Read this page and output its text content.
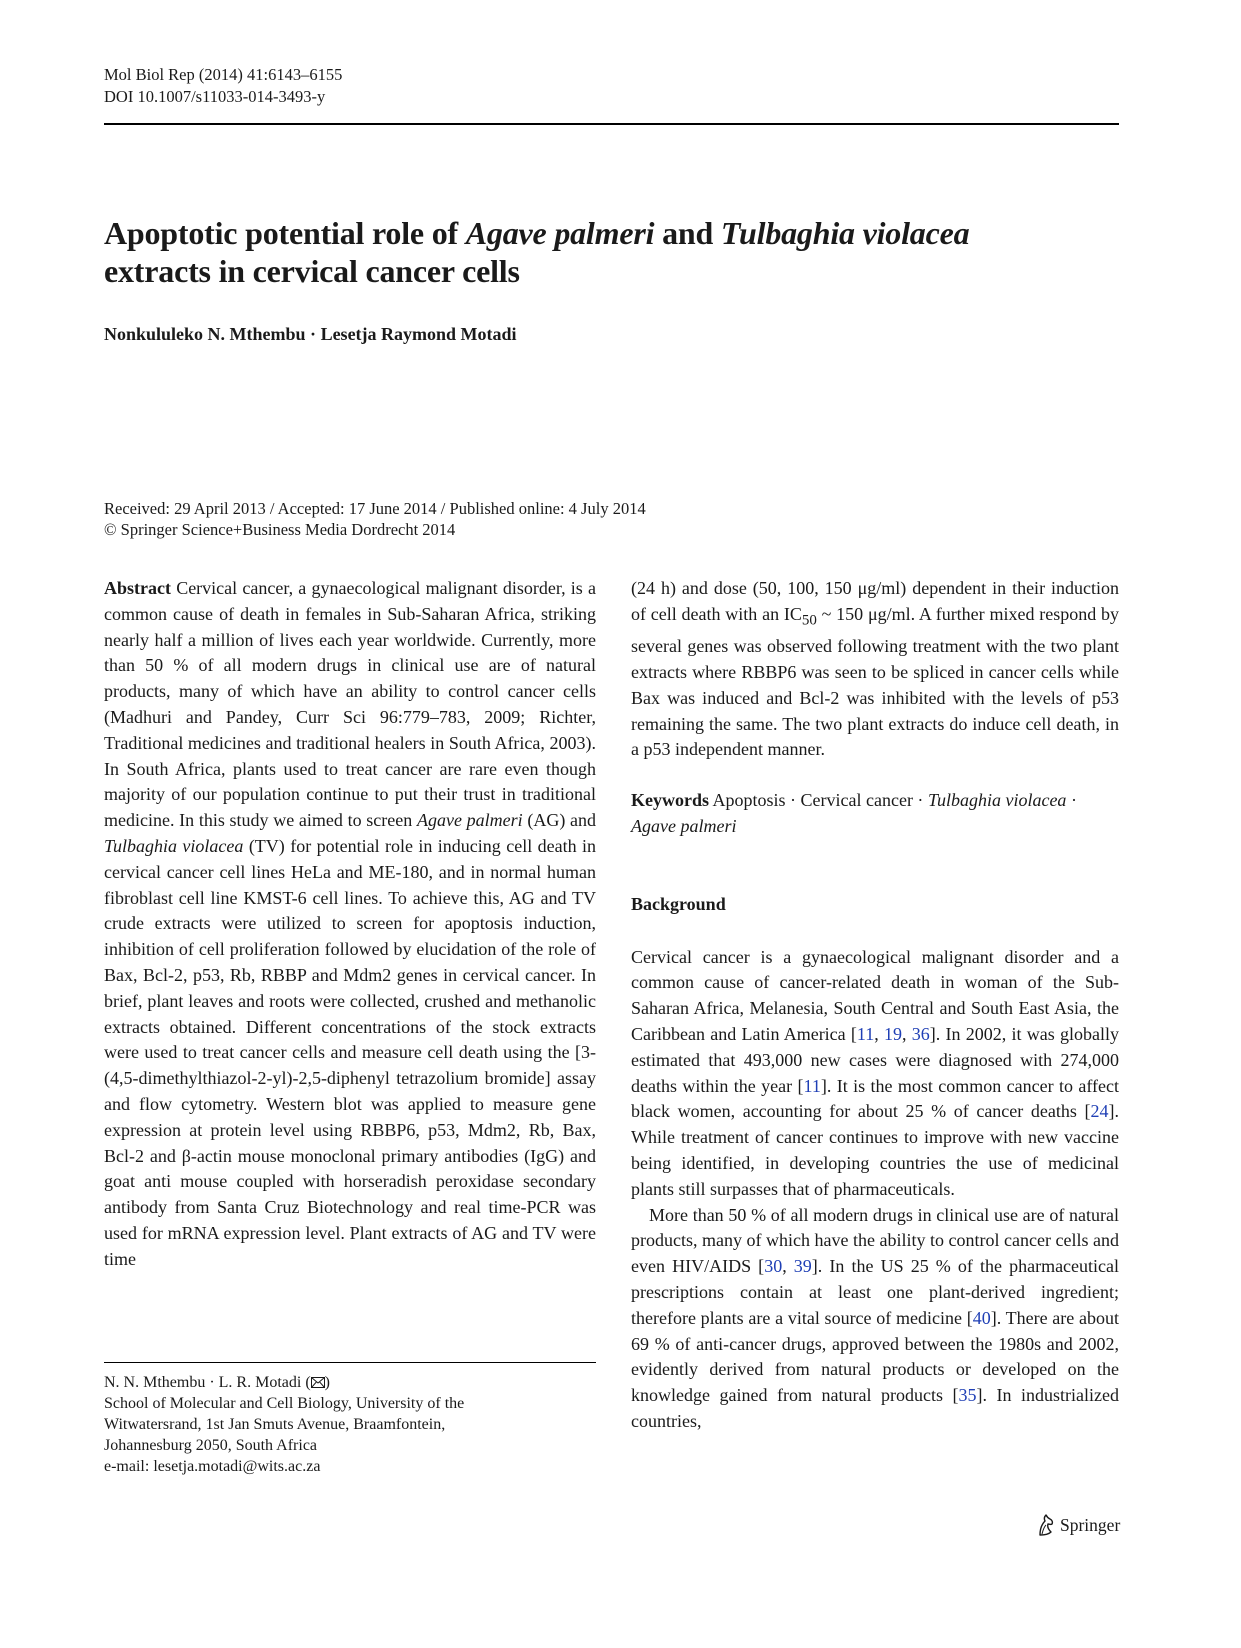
Mol Biol Rep (2014) 41:6143–6155
DOI 10.1007/s11033-014-3493-y
Apoptotic potential role of Agave palmeri and Tulbaghia violacea
extracts in cervical cancer cells
Nonkululeko N. Mthembu · Lesetja Raymond Motadi
Received: 29 April 2013 / Accepted: 17 June 2014 / Published online: 4 July 2014
© Springer Science+Business Media Dordrecht 2014

Abstract Cervical cancer, a gynaecological malignant disorder, is a common cause of death in females in Sub-Saharan Africa, striking nearly half a million of lives each year worldwide. Currently, more than 50 % of all modern drugs in clinical use are of natural products, many of which have an ability to control cancer cells (Madhuri and Pandey, Curr Sci 96:779–783, 2009; Richter, Traditional medicines and traditional healers in South Africa, 2003). In South Africa, plants used to treat cancer are rare even though majority of our population continue to put their trust in traditional medicine. In this study we aimed to screen Agave palmeri (AG) and Tulbaghia violacea (TV) for potential role in inducing cell death in cervical cancer cell lines HeLa and ME-180, and in normal human fibroblast cell line KMST-6 cell lines. To achieve this, AG and TV crude extracts were utilized to screen for apoptosis induction, inhibition of cell proliferation followed by elucidation of the role of Bax, Bcl-2, p53, Rb, RBBP and Mdm2 genes in cervical cancer. In brief, plant leaves and roots were collected, crushed and methanolic extracts obtained. Different concentrations of the stock extracts were used to treat cancer cells and measure cell death using the [3-(4,5-dimethylthiazol-2-yl)-2,5-diphenyl tetrazolium bromide] assay and flow cytometry. Western blot was applied to measure gene expression at protein level using RBBP6, p53, Mdm2, Rb, Bax, Bcl-2 and β-actin mouse monoclonal primary antibodies (IgG) and goat anti mouse coupled with horseradish peroxidase secondary antibody from Santa Cruz Biotechnology and real time-PCR was used for mRNA expression level. Plant extracts of AG and TV were time

N. N. Mthembu · L. R. Motadi ( )
School of Molecular and Cell Biology, University of the
Witwatersrand, 1st Jan Smuts Avenue, Braamfontein,
Johannesburg 2050, South Africa
e-mail: lesetja.motadi@wits.ac.za

(24 h) and dose (50, 100, 150 μg/ml) dependent in their induction of cell death with an $IC_{50}$ ~ 150 μg/ml. A further mixed respond by several genes was observed following treatment with the two plant extracts where RBBP6 was seen to be spliced in cancer cells while Bax was induced and Bcl-2 was inhibited with the levels of p53 remaining the same. The two plant extracts do induce cell death, in a p53 independent manner.

Keywords Apoptosis · Cervical cancer · Tulbaghia violacea · Agave palmeri

Background

Cervical cancer is a gynaecological malignant disorder and a common cause of cancer-related death in woman of the Sub-Saharan Africa, Melanesia, South Central and South East Asia, the Caribbean and Latin America [11, 19, 36]. In 2002, it was globally estimated that 493,000 new cases were diagnosed with 274,000 deaths within the year [11]. It is the most common cancer to affect black women, accounting for about 25 % of cancer deaths [24]. While treatment of cancer continues to improve with new vaccine being identified, in developing countries the use of medicinal plants still surpasses that of pharmaceuticals.

More than 50 % of all modern drugs in clinical use are of natural products, many of which have the ability to control cancer cells and even HIV/AIDS [30, 39]. In the US 25 % of the pharmaceutical prescriptions contain at least one plant-derived ingredient; therefore plants are a vital source of medicine [40]. There are about 69 % of anti-cancer drugs, approved between the 1980s and 2002, evidently derived from natural products or developed on the knowledge gained from natural products [35]. In industrialized countries,

Springer
